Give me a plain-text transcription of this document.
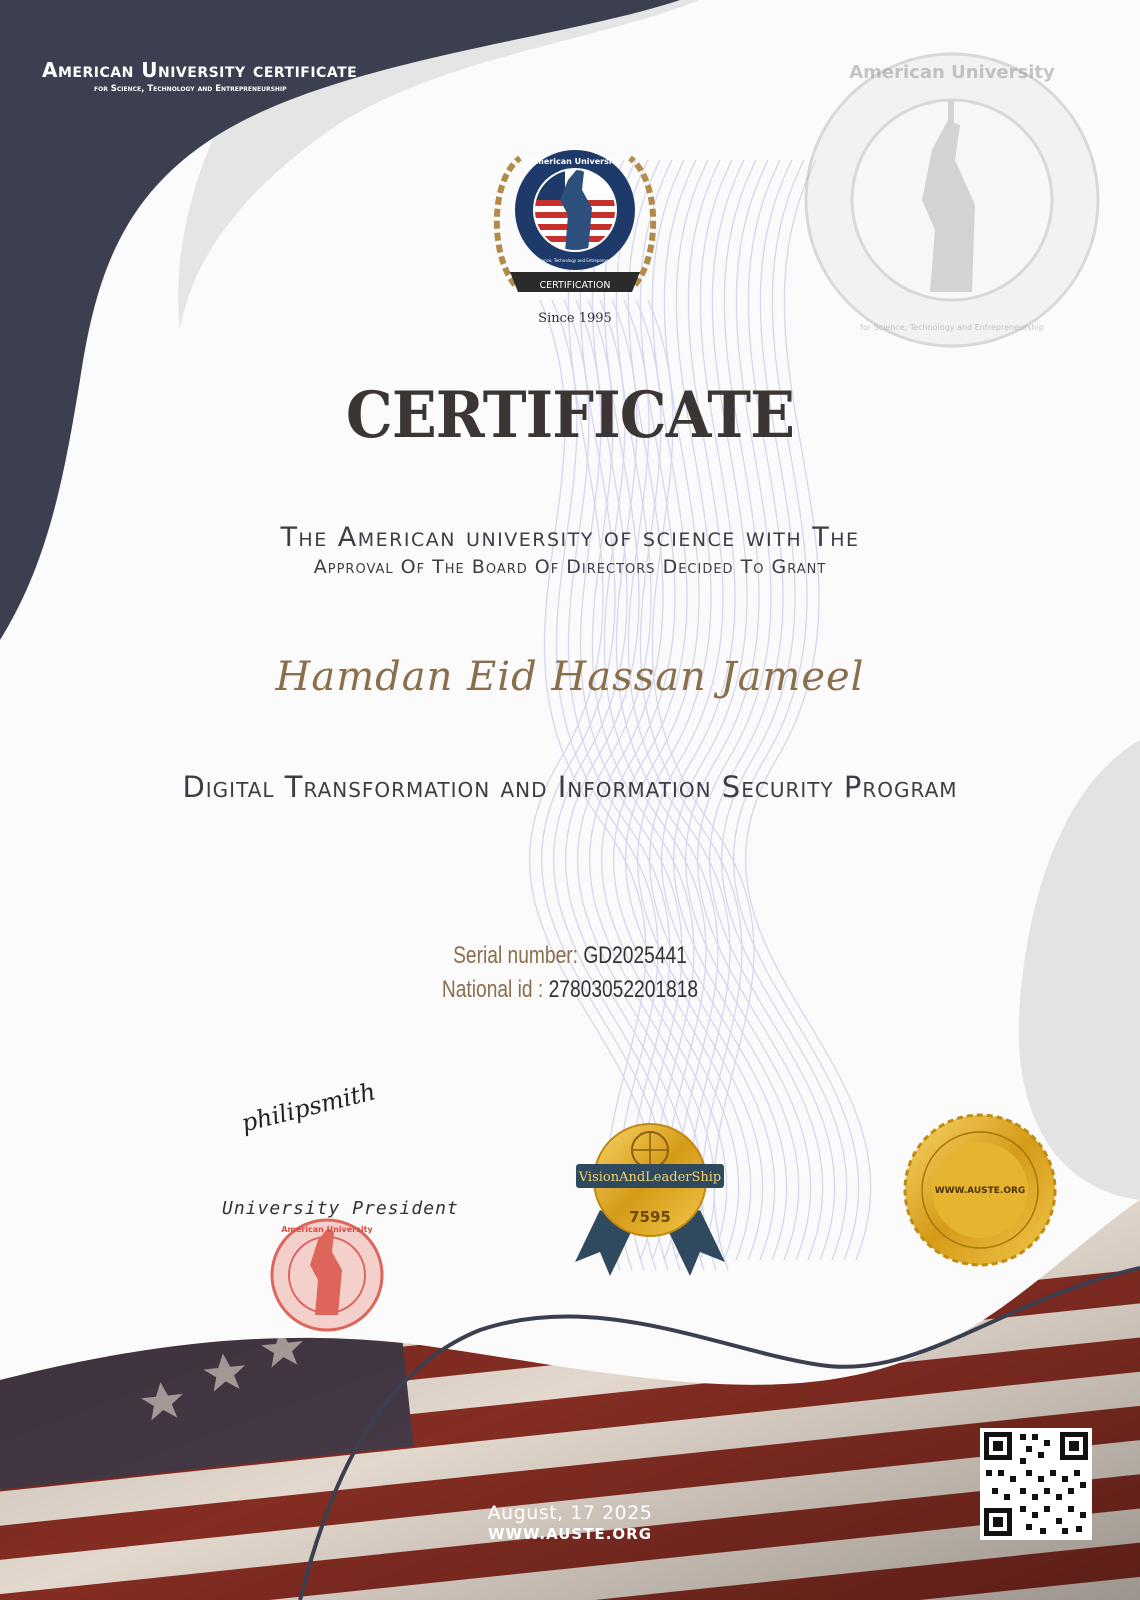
CERTIFICATION
American University
for Science, Technology and Entrepreneurship
American University
for Science, Technology and Entrepreneurship
American University
VisionAndLeaderShip
7595
WWW.AUSTE.ORG
American University certificate
for Science, Technology and Entrepreneurship
Since 1995
CERTIFICATE
The American university of science with The
Approval Of The Board Of Directors Decided To Grant
Hamdan Eid Hassan Jameel
Digital Transformation and Information Security Program
Serial number: GD2025441
National id : 27803052201818
philipsmith
University President
August, 17 2025
WWW.AUSTE.ORG
